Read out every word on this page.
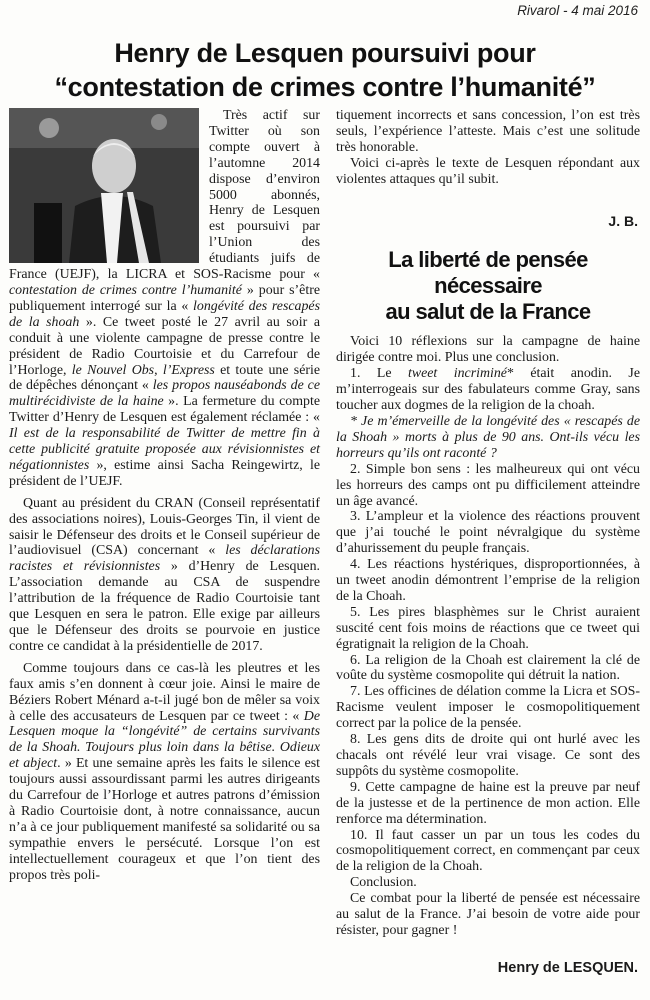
Rivarol - 4 mai 2016
Henry de Lesquen poursuivi pour
“contestation de crimes contre l’humanité”

Très actif sur Twitter où son compte ouvert à l’automne 2014 dispose d’environ 5000 abonnés, Henry de Lesquen est poursuivi par l’Union des étudiants juifs de France (UEJF), la LICRA et SOS-Racisme pour « contestation de crimes contre l’humanité » pour s’être publiquement interrogé sur la « longévité des rescapés de la shoah ». Ce tweet posté le 27 avril au soir a conduit à une violente campagne de presse contre le président de Radio Courtoisie et du Carrefour de l’Horloge, le Nouvel Obs, l’Express et toute une série de dépêches dénonçant « les propos nauséabonds de ce multirécidiviste de la haine ». La fermeture du compte Twitter d’Henry de Lesquen est également réclamée : « Il est de la responsabilité de Twitter de mettre fin à cette publicité gratuite proposée aux révisionnistes et négationnistes », estime ainsi Sacha Reingewirtz, le président de l’UEJF.

Quant au président du CRAN (Conseil représentatif des associations noires), Louis-Georges Tin, il vient de saisir le Défenseur des droits et le Conseil supérieur de l’audiovisuel (CSA) concernant « les déclarations racistes et révisionnistes » d’Henry de Lesquen. L’association demande au CSA de suspendre l’attribution de la fréquence de Radio Courtoisie tant que Lesquen en sera le patron. Elle exige par ailleurs que le Défenseur des droits se pourvoie en justice contre ce candidat à la présidentielle de 2017.

Comme toujours dans ce cas-là les pleutres et les faux amis s’en donnent à cœur joie. Ainsi le maire de Béziers Robert Ménard a-t-il jugé bon de mêler sa voix à celle des accusateurs de Lesquen par ce tweet : « De Lesquen moque la “longévité” de certains survivants de la Shoah. Toujours plus loin dans la bêtise. Odieux et abject. » Et une semaine après les faits le silence est toujours aussi assourdissant parmi les autres dirigeants du Carrefour de l’Horloge et autres patrons d’émission à Radio Courtoisie dont, à notre connaissance, aucun n’a à ce jour publiquement manifesté sa solidarité ou sa sympathie envers le persécuté. Lorsque l’on est intellectuellement courageux et que l’on tient des propos très poli-

tiquement incorrects et sans concession, l’on est très seuls, l’expérience l’atteste. Mais c’est une solitude très honorable.

Voici ci-après le texte de Lesquen répondant aux violentes attaques qu’il subit.

J. B.
La liberté de pensée nécessaire
au salut de la France

Voici 10 réflexions sur la campagne de haine dirigée contre moi. Plus une conclusion.

1. Le tweet incriminé* était anodin. Je m’interrogeais sur des fabulateurs comme Gray, sans toucher aux dogmes de la religion de la choah.

* Je m’émerveille de la longévité des « rescapés de la Shoah » morts à plus de 90 ans. Ont-ils vécu les horreurs qu’ils ont raconté ?

2. Simple bon sens : les malheureux qui ont vécu les horreurs des camps ont pu difficilement atteindre un âge avancé.

3. L’ampleur et la violence des réactions prouvent que j’ai touché le point névralgique du système d’ahurissement du peuple français.

4. Les réactions hystériques, disproportionnées, à un tweet anodin démontrent l’emprise de la religion de la Choah.

5. Les pires blasphèmes sur le Christ auraient suscité cent fois moins de réactions que ce tweet qui égratignait la religion de la Choah.

6. La religion de la Choah est clairement la clé de voûte du système cosmopolite qui détruit la nation.

7. Les officines de délation comme la Licra et SOS-Racisme veulent imposer le cosmopolitiquement correct par la police de la pensée.

8. Les gens dits de droite qui ont hurlé avec les chacals ont révélé leur vrai visage. Ce sont des suppôts du système cosmopolite.

9. Cette campagne de haine est la preuve par neuf de la justesse et de la pertinence de mon action. Elle renforce ma détermination.

10. Il faut casser un par un tous les codes du cosmopolitiquement correct, en commençant par ceux de la religion de la Choah.

Conclusion.

Ce combat pour la liberté de pensée est nécessaire au salut de la France. J’ai besoin de votre aide pour résister, pour gagner !

Henry de LESQUEN.
